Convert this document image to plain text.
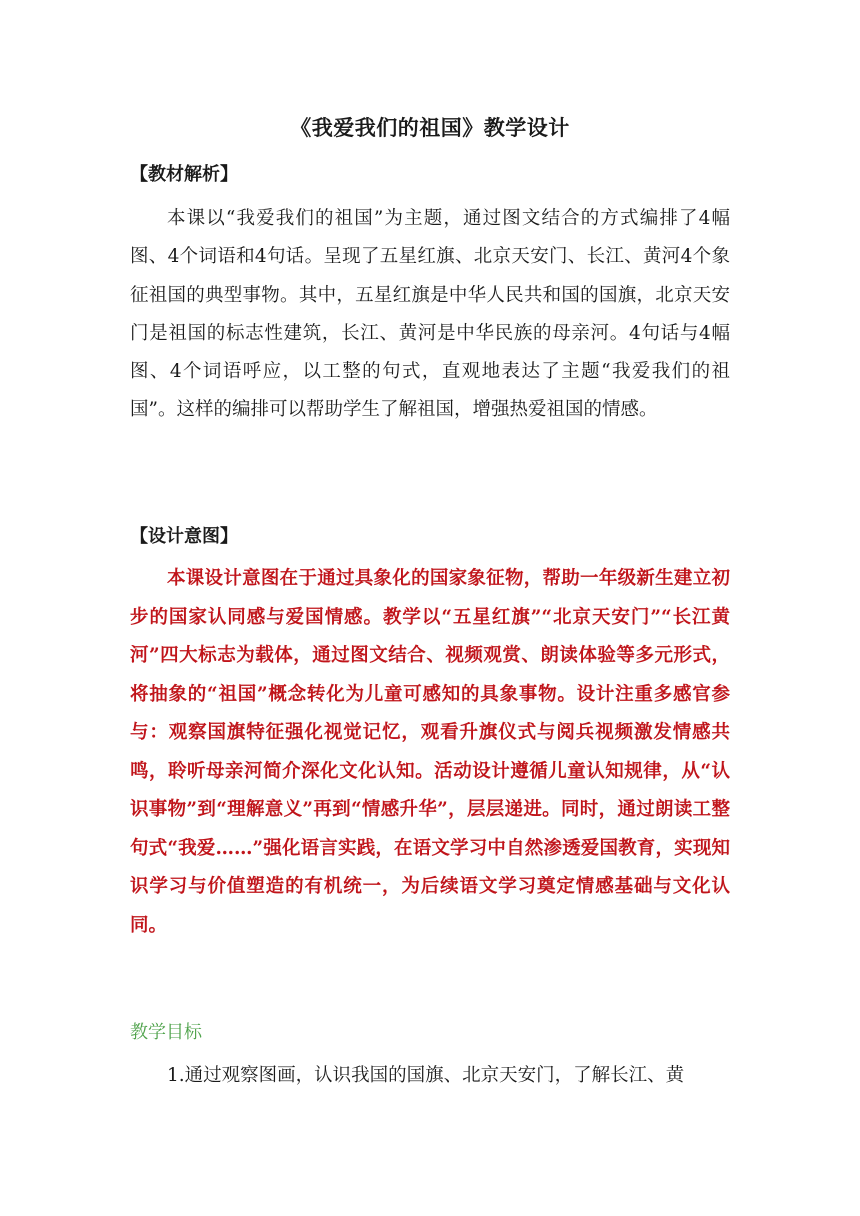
《我爱我们的祖国》教学设计
【教材解析】

本课以“我爱我们的祖国”为主题，通过图文结合的方式编排了4幅图、4个词语和4句话。呈现了五星红旗、北京天安门、长江、黄河4个象征祖国的典型事物。其中，五星红旗是中华人民共和国的国旗，北京天安门是祖国的标志性建筑，长江、黄河是中华民族的母亲河。4句话与4幅图、4个词语呼应，以工整的句式，直观地表达了主题“我爱我们的祖国”。这样的编排可以帮助学生了解祖国，增强热爱祖国的情感。

【设计意图】

本课设计意图在于通过具象化的国家象征物，帮助一年级新生建立初步的国家认同感与爱国情感。教学以“五星红旗”“北京天安门”“长江黄河”四大标志为载体，通过图文结合、视频观赏、朗读体验等多元形式，将抽象的“祖国”概念转化为儿童可感知的具象事物。设计注重多感官参与：观察国旗特征强化视觉记忆，观看升旗仪式与阅兵视频激发情感共鸣，聆听母亲河简介深化文化认知。活动设计遵循儿童认知规律，从“认识事物”到“理解意义”再到“情感升华”，层层递进。同时，通过朗读工整句式“我爱……”强化语言实践，在语文学习中自然渗透爱国教育，实现知识学习与价值塑造的有机统一，为后续语文学习奠定情感基础与文化认同。

教学目标

1.通过观察图画，认识我国的国旗、北京天安门，了解长江、黄
